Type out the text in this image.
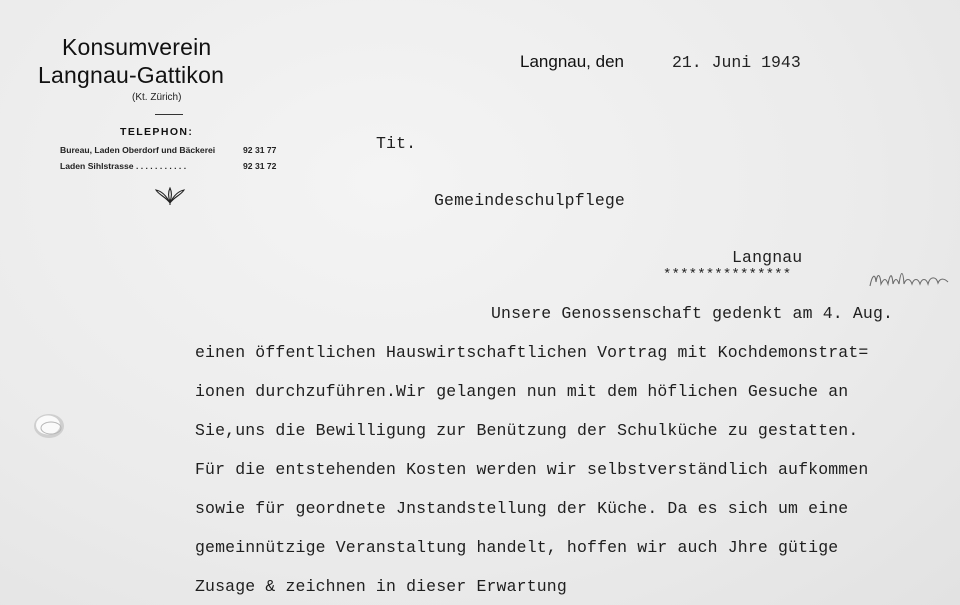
Konsumverein
Langnau-Gattikon
(Kt. Zürich)
TELEPHON:
Bureau, Laden Oberdorf und Bäckerei	92 31 77
Laden Sihlstrasse . . . . . . . . . . .	92 31 72
Langnau, den	21. Juni 1943
Tit.
Gemeindeschulpflege
Langnau
***************
Unsere Genossenschaft gedenkt am 4. Aug.
einen öffentlichen Hauswirtschaftlichen Vortrag mit Kochdemonstrat=
ionen durchzuführen.Wir gelangen nun mit dem höflichen Gesuche an
Sie,uns die Bewilligung zur Benützung der Schulküche zu gestatten.
Für die entstehenden Kosten werden wir selbstverständlich aufkommen
sowie für geordnete Jnstandstellung der Küche. Da es sich um eine
gemeinnützige Veranstaltung handelt, hoffen wir auch Jhre gütige
Zusage & zeichnen in dieser Erwartung
